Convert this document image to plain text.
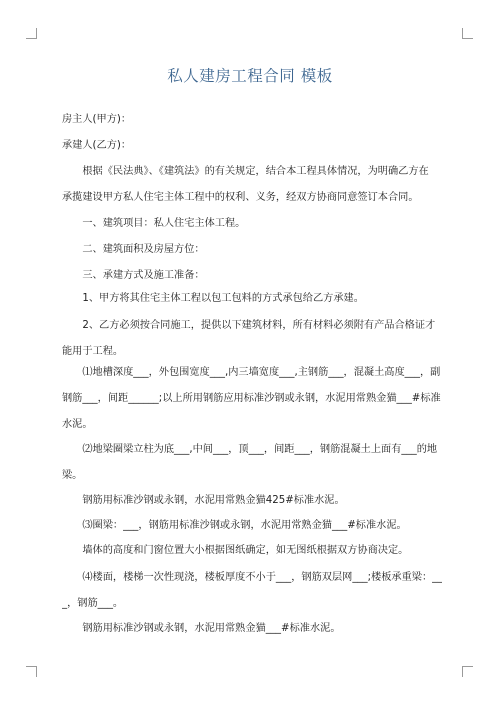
私人建房工程合同 模板
房主人(甲方)：
承建人(乙方)：
　　根据《民法典》、《建筑法》的有关规定，结合本工程具体情况，为明确乙方在
承揽建设甲方私人住宅主体工程中的权利、义务，经双方协商同意签订本合同。
　　一、建筑项目：私人住宅主体工程。
　　二、建筑面积及房屋方位：
　　三、承建方式及施工准备：
　　1、甲方将其住宅主体工程以包工包料的方式承包给乙方承建。
　　2、乙方必须按合同施工，提供以下建筑材料，所有材料必须附有产品合格证才
能用于工程。
　　⑴地槽深度___，外包围宽度___,内三墙宽度___,主钢筋___，混凝土高度___，副
钢筋___，间距______;以上所用钢筋应用标准沙钢或永钢，水泥用常熟金猫___#标准
水泥。
　　⑵地梁圈梁立柱为底___,中间___，顶___，间距___，钢筋混凝土上面有___的地
梁。
　　钢筋用标准沙钢或永钢，水泥用常熟金猫425#标准水泥。
　　⑶圈梁：___，钢筋用标准沙钢或永钢，水泥用常熟金猫___#标准水泥。
　　墙体的高度和门窗位置大小根据图纸确定，如无图纸根据双方协商决定。
　　⑷楼面，楼梯一次性现浇，楼板厚度不小于___，钢筋双层网___;楼板承重梁：__
_，钢筋___。
　　钢筋用标准沙钢或永钢，水泥用常熟金猫___#标准水泥。
